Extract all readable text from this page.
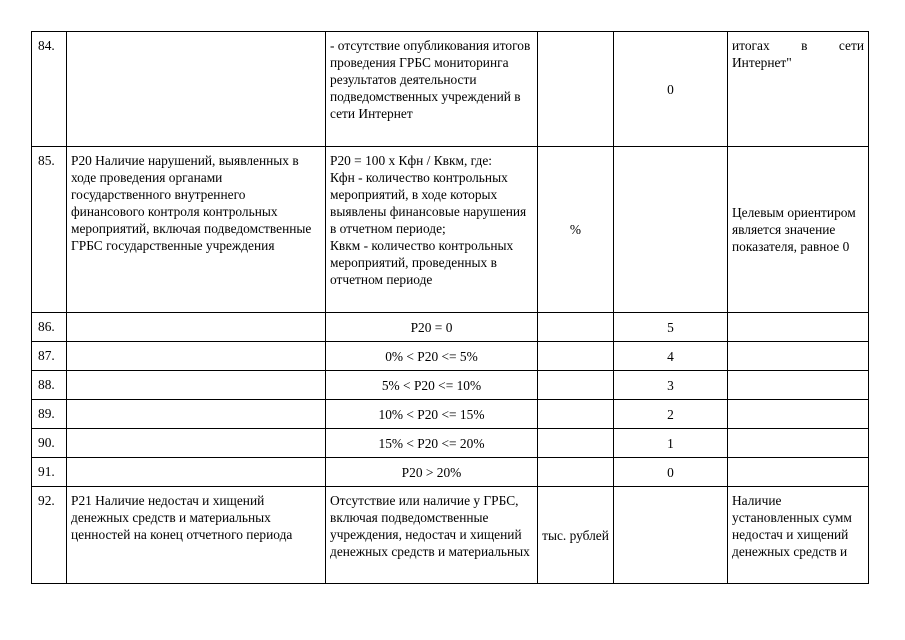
84.		- отсутствие опубликования итогов проведения ГРБС мониторинга результатов деятельности подведомственных учреждений в сети Интернет		0	итогах в сети Интернет"
85.	Р20 Наличие нарушений, выявленных в ходе проведения органами государственного внутреннего финансового контроля контрольных мероприятий, включая подведомственные ГРБС государственные учреждения	Р20 = 100 x Кфн / Квкм, где:
Кфн - количество контрольных мероприятий, в ходе которых выявлены финансовые нарушения в отчетном периоде;
Квкм - количество контрольных мероприятий, проведенных в отчетном периоде	%		Целевым ориентиром является значение показателя, равное 0
86.		Р20 = 0		5	
87.		0% < Р20 <= 5%		4	
88.		5% < Р20 <= 10%		3	
89.		10% < Р20 <= 15%		2	
90.		15% < Р20 <= 20%		1	
91.		Р20 > 20%		0	
92.	Р21 Наличие недостач и хищений денежных средств и материальных ценностей на конец отчетного периода	Отсутствие или наличие у ГРБС, включая подведомственные учреждения, недостач и хищений денежных средств и материальных	тыс. рублей		Наличие установленных сумм недостач и хищений денежных средств и
